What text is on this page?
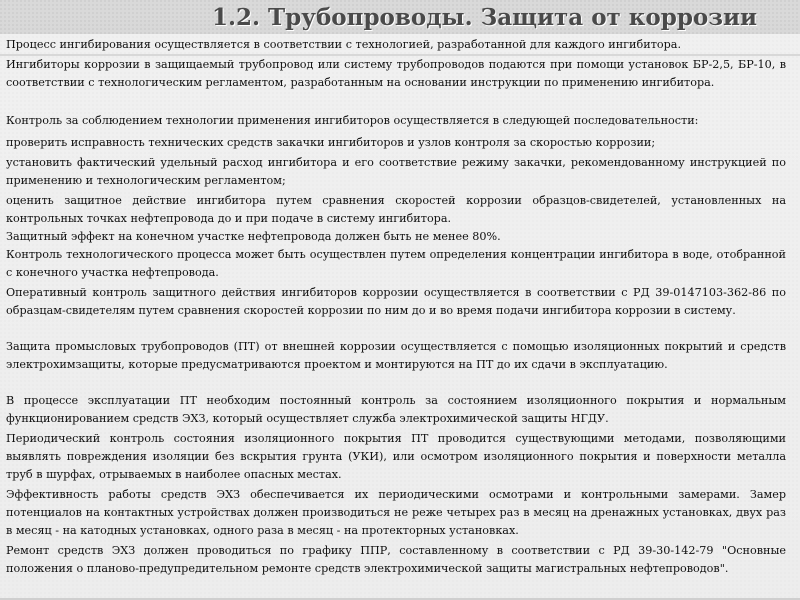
1.2. Трубопроводы. Защита от коррозии
Процесс ингибирования осуществляется в соответствии с технологией, разработанной для каждого ингибитора.
Ингибиторы коррозии в защищаемый трубопровод или систему трубопроводов подаются при помощи установок БР-2,5, БР-10, в соответствии с технологическим регламентом, разработанным на основании инструкции по применению ингибитора.
Контроль за соблюдением технологии применения ингибиторов осуществляется в следующей последовательности:
проверить исправность технических средств закачки ингибиторов и узлов контроля за скоростью коррозии;
установить фактический удельный расход ингибитора и его соответствие режиму закачки, рекомендованному инструкцией по применению и технологическим регламентом;
оценить защитное действие ингибитора путем сравнения скоростей коррозии образцов-свидетелей, установленных на контрольных точках нефтепровода до и при подаче в систему ингибитора.
Защитный эффект на конечном участке нефтепровода должен быть не менее 80%.
Контроль технологического процесса может быть осуществлен путем определения концентрации ингибитора в воде, отобранной с конечного участка нефтепровода.
Оперативный контроль защитного действия ингибиторов коррозии осуществляется в соответствии с РД 39-0147103-362-86 по образцам-свидетелям путем сравнения скоростей коррозии по ним до и во время подачи ингибитора коррозии в систему.
Защита промысловых трубопроводов (ПТ) от внешней коррозии осуществляется с помощью изоляционных покрытий и средств электрохимзащиты, которые предусматриваются проектом и монтируются на ПТ до их сдачи в эксплуатацию.
В процессе эксплуатации ПТ необходим постоянный контроль за состоянием изоляционного покрытия и нормальным функционированием средств ЭХЗ, который осуществляет служба электрохимической защиты НГДУ.
Периодический контроль состояния изоляционного покрытия ПТ проводится существующими методами, позволяющими выявлять повреждения изоляции без вскрытия грунта (УКИ), или осмотром изоляционного покрытия и поверхности металла труб в шурфах, отрываемых в наиболее опасных местах.
Эффективность работы средств ЭХЗ обеспечивается их периодическими осмотрами и контрольными замерами. Замер потенциалов на контактных устройствах должен производиться не реже четырех раз в месяц на дренажных установках, двух раз в месяц - на катодных установках, одного раза в месяц - на протекторных установках.
Ремонт средств ЭХЗ должен проводиться по графику ППР, составленному в соответствии с РД 39-30-142-79 "Основные положения о планово-предупредительном ремонте средств электрохимической защиты магистральных нефтепроводов".
